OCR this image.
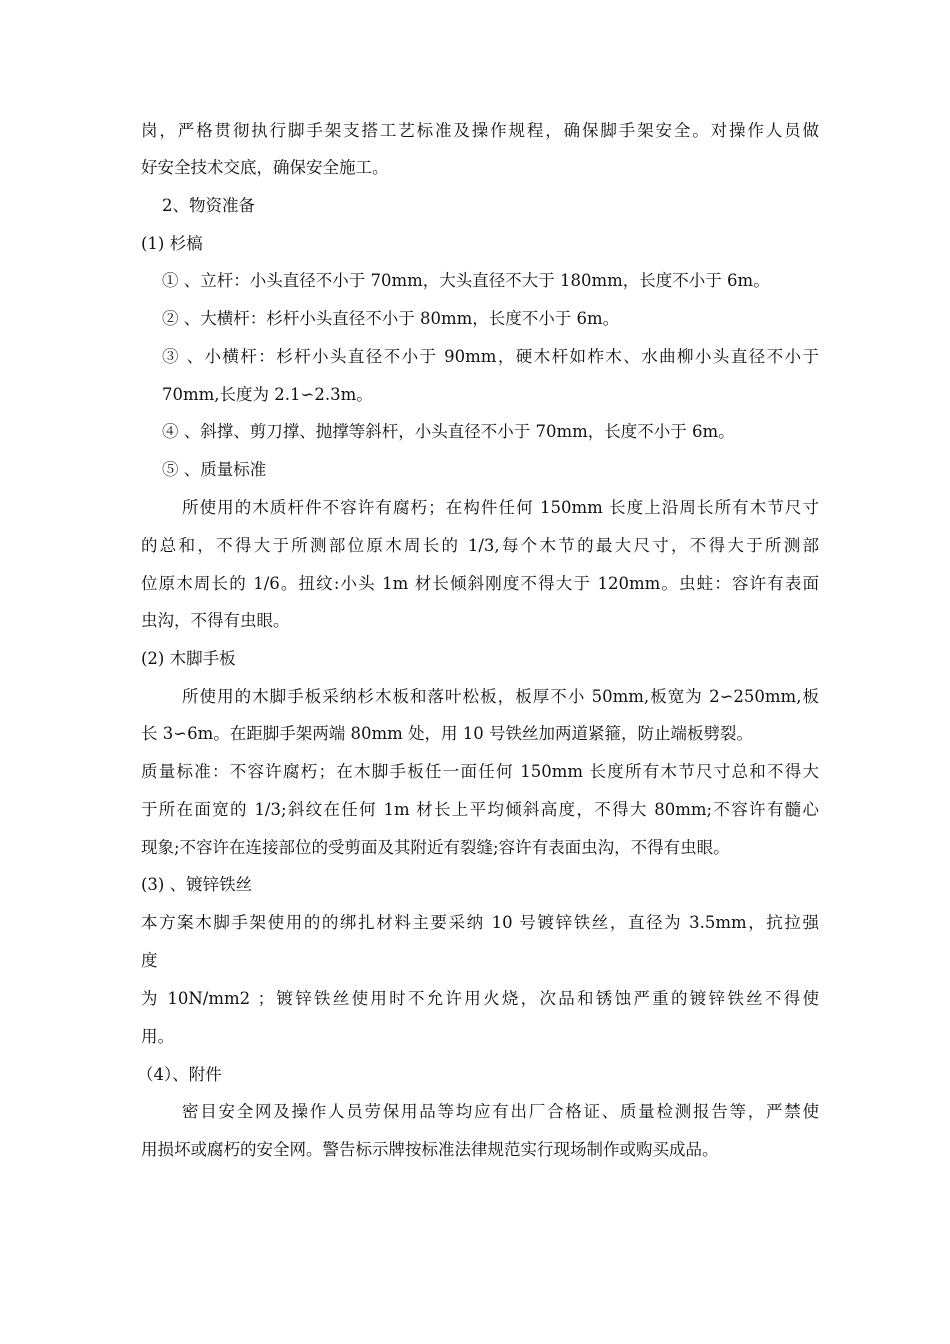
岗，严格贯彻执行脚手架支搭工艺标准及操作规程，确保脚手架安全。对操作人员做
好安全技术交底，确保安全施工。
2、物资准备
(1) 杉槁
① 、立杆：小头直径不小于 70mm，大头直径不大于 180mm，长度不小于 6m。
② 、大横杆：杉杆小头直径不小于 80mm，长度不小于 6m。
③ 、小横杆：杉杆小头直径不小于 90mm，硬木杆如柞木、水曲柳小头直径不小于
70mm,长度为 2.1∽2.3m。
④ 、斜撑、剪刀撑、抛撑等斜杆，小头直径不小于 70mm，长度不小于 6m。
⑤ 、质量标准
所使用的木质杆件不容许有腐朽；在构件任何 150mm 长度上沿周长所有木节尺寸
的总和，不得大于所测部位原木周长的 1/3,每个木节的最大尺寸，不得大于所测部
位原木周长的 1/6。扭纹:小头 1m 材长倾斜刚度不得大于 120mm。虫蛀：容许有表面
虫沟，不得有虫眼。
(2) 木脚手板
所使用的木脚手板采纳杉木板和落叶松板，板厚不小 50mm,板宽为 2∽250mm,板
长 3∽6m。在距脚手架两端 80mm 处，用 10 号铁丝加两道紧箍，防止端板劈裂。
质量标准：不容许腐朽；在木脚手板任一面任何 150mm 长度所有木节尺寸总和不得大
于所在面宽的 1/3;斜纹在任何 1m 材长上平均倾斜高度，不得大 80mm;不容许有髓心
现象;不容许在连接部位的受剪面及其附近有裂缝;容许有表面虫沟，不得有虫眼。
(3) 、镀锌铁丝
本方案木脚手架使用的的绑扎材料主要采纳 10 号镀锌铁丝，直径为 3.5mm，抗拉强
度
为 10N/mm2 ；镀锌铁丝使用时不允许用火烧，次品和锈蚀严重的镀锌铁丝不得使
用。
（4）、附件
密目安全网及操作人员劳保用品等均应有出厂合格证、质量检测报告等，严禁使
用损坏或腐朽的安全网。警告标示牌按标准法律规范实行现场制作或购买成品。
